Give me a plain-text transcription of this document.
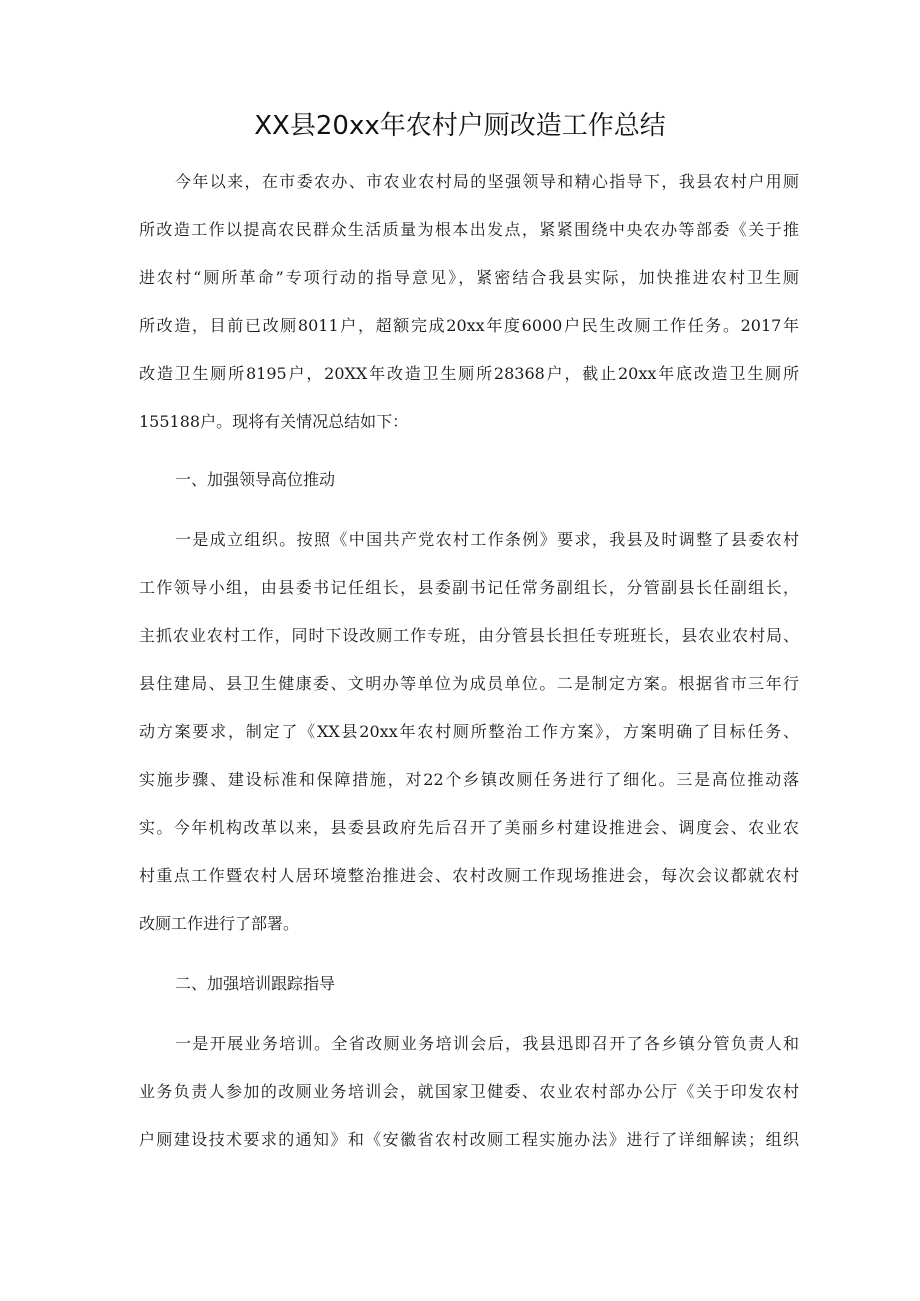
XX县20xx年农村户厕改造工作总结

今年以来，在市委农办、市农业农村局的坚强领导和精心指导下，我县农村户用厕

所改造工作以提高农民群众生活质量为根本出发点，紧紧围绕中央农办等部委《关于推

进农村“厕所革命”专项行动的指导意见》，紧密结合我县实际，加快推进农村卫生厕

所改造，目前已改厕8011户，超额完成20xx年度6000户民生改厕工作任务。2017年

改造卫生厕所8195户，20XX年改造卫生厕所28368户，截止20xx年底改造卫生厕所

155188户。现将有关情况总结如下：

一、加强领导高位推动

一是成立组织。按照《中国共产党农村工作条例》要求，我县及时调整了县委农村

工作领导小组，由县委书记任组长，县委副书记任常务副组长，分管副县长任副组长，

主抓农业农村工作，同时下设改厕工作专班，由分管县长担任专班班长，县农业农村局、

县住建局、县卫生健康委、文明办等单位为成员单位。二是制定方案。根据省市三年行

动方案要求，制定了《XX县20xx年农村厕所整治工作方案》，方案明确了目标任务、

实施步骤、建设标准和保障措施，对22个乡镇改厕任务进行了细化。三是高位推动落

实。今年机构改革以来，县委县政府先后召开了美丽乡村建设推进会、调度会、农业农

村重点工作暨农村人居环境整治推进会、农村改厕工作现场推进会，每次会议都就农村

改厕工作进行了部署。

二、加强培训跟踪指导

一是开展业务培训。全省改厕业务培训会后，我县迅即召开了各乡镇分管负责人和

业务负责人参加的改厕业务培训会，就国家卫健委、农业农村部办公厅《关于印发农村

户厕建设技术要求的通知》和《安徽省农村改厕工程实施办法》进行了详细解读；组织
